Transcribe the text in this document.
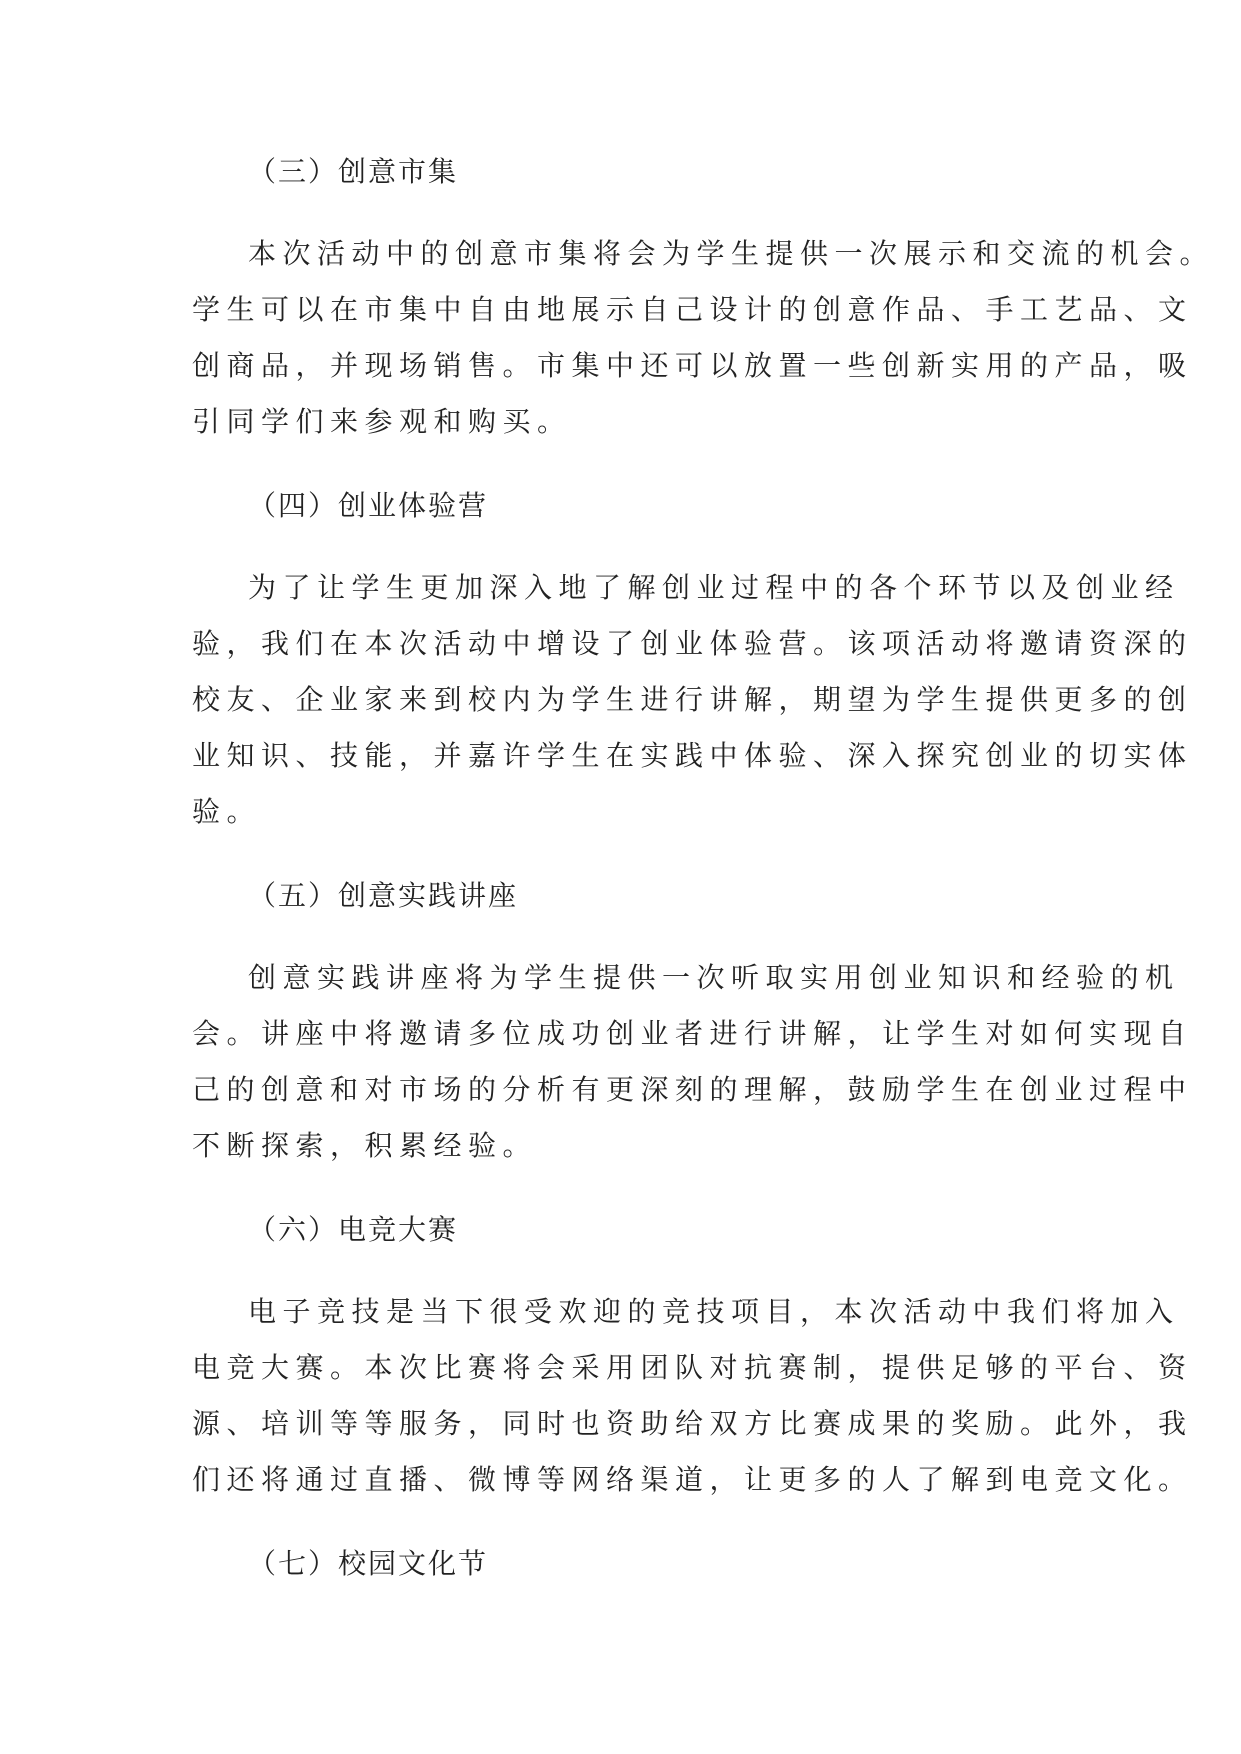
（三）创意市集
本次活动中的创意市集将会为学生提供一次展示和交流的机会。
学生可以在市集中自由地展示自己设计的创意作品、手工艺品、文
创商品，并现场销售。市集中还可以放置一些创新实用的产品，吸
引同学们来参观和购买。
（四）创业体验营
为了让学生更加深入地了解创业过程中的各个环节以及创业经
验，我们在本次活动中增设了创业体验营。该项活动将邀请资深的
校友、企业家来到校内为学生进行讲解，期望为学生提供更多的创
业知识、技能，并嘉许学生在实践中体验、深入探究创业的切实体
验。
（五）创意实践讲座
创意实践讲座将为学生提供一次听取实用创业知识和经验的机
会。讲座中将邀请多位成功创业者进行讲解，让学生对如何实现自
己的创意和对市场的分析有更深刻的理解，鼓励学生在创业过程中
不断探索，积累经验。
（六）电竞大赛
电子竞技是当下很受欢迎的竞技项目，本次活动中我们将加入
电竞大赛。本次比赛将会采用团队对抗赛制，提供足够的平台、资
源、培训等等服务，同时也资助给双方比赛成果的奖励。此外，我
们还将通过直播、微博等网络渠道，让更多的人了解到电竞文化。
（七）校园文化节
